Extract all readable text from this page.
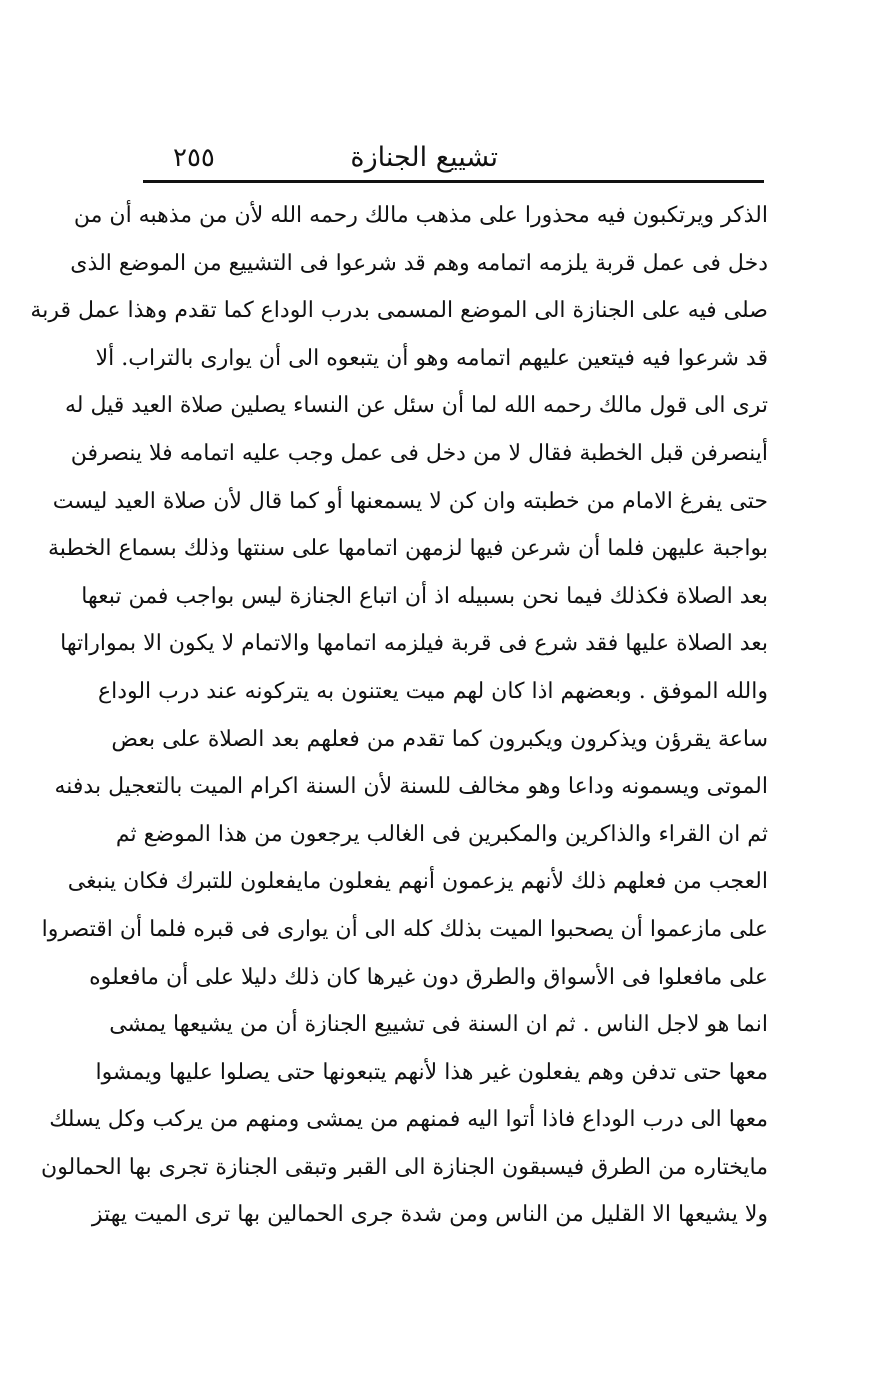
تشييع الجنازة
٢٥٥
الذكر ويرتكبون فيه محذورا على مذهب مالك رحمه الله لأن من مذهبه أن من
دخل فى عمل قربة يلزمه اتمامه وهم قد شرعوا فى التشييع من الموضع الذى
صلى فيه على الجنازة الى الموضع المسمى بدرب الوداع كما تقدم وهذا عمل قربة
قد شرعوا فيه فيتعين عليهم اتمامه وهو أن يتبعوه الى أن يوارى بالتراب. ألا
ترى الى قول مالك رحمه الله لما أن سئل عن النساء يصلين صلاة العيد قيل له
أينصرفن قبل الخطبة فقال لا من دخل فى عمل وجب عليه اتمامه فلا ينصرفن
حتى يفرغ الامام من خطبته وان كن لا يسمعنها أو كما قال لأن صلاة العيد ليست
بواجبة عليهن فلما أن شرعن فيها لزمهن اتمامها على سنتها وذلك بسماع الخطبة
بعد الصلاة فكذلك فيما نحن بسبيله اذ أن اتباع الجنازة ليس بواجب فمن تبعها
بعد الصلاة عليها فقد شرع فى قربة فيلزمه اتمامها والاتمام لا يكون الا بمواراتها
والله الموفق . وبعضهم اذا كان لهم ميت يعتنون به يتركونه عند درب الوداع
ساعة يقرؤن ويذكرون ويكبرون كما تقدم من فعلهم بعد الصلاة على بعض
الموتى ويسمونه وداعا وهو مخالف للسنة لأن السنة اكرام الميت بالتعجيل بدفنه
ثم ان القراء والذاكرين والمكبرين فى الغالب يرجعون من هذا الموضع ثم
العجب من فعلهم ذلك لأنهم يزعمون أنهم يفعلون مايفعلون للتبرك فكان ينبغى
على مازعموا أن يصحبوا الميت بذلك كله الى أن يوارى فى قبره فلما أن اقتصروا
على مافعلوا فى الأسواق والطرق دون غيرها كان ذلك دليلا على أن مافعلوه
انما هو لاجل الناس . ثم ان السنة فى تشييع الجنازة أن من يشيعها يمشى
معها حتى تدفن وهم يفعلون غير هذا لأنهم يتبعونها حتى يصلوا عليها ويمشوا
معها الى درب الوداع فاذا أتوا اليه فمنهم من يمشى ومنهم من يركب وكل يسلك
مايختاره من الطرق فيسبقون الجنازة الى القبر وتبقى الجنازة تجرى بها الحمالون
ولا يشيعها الا القليل من الناس ومن شدة جرى الحمالين بها ترى الميت يهتز
